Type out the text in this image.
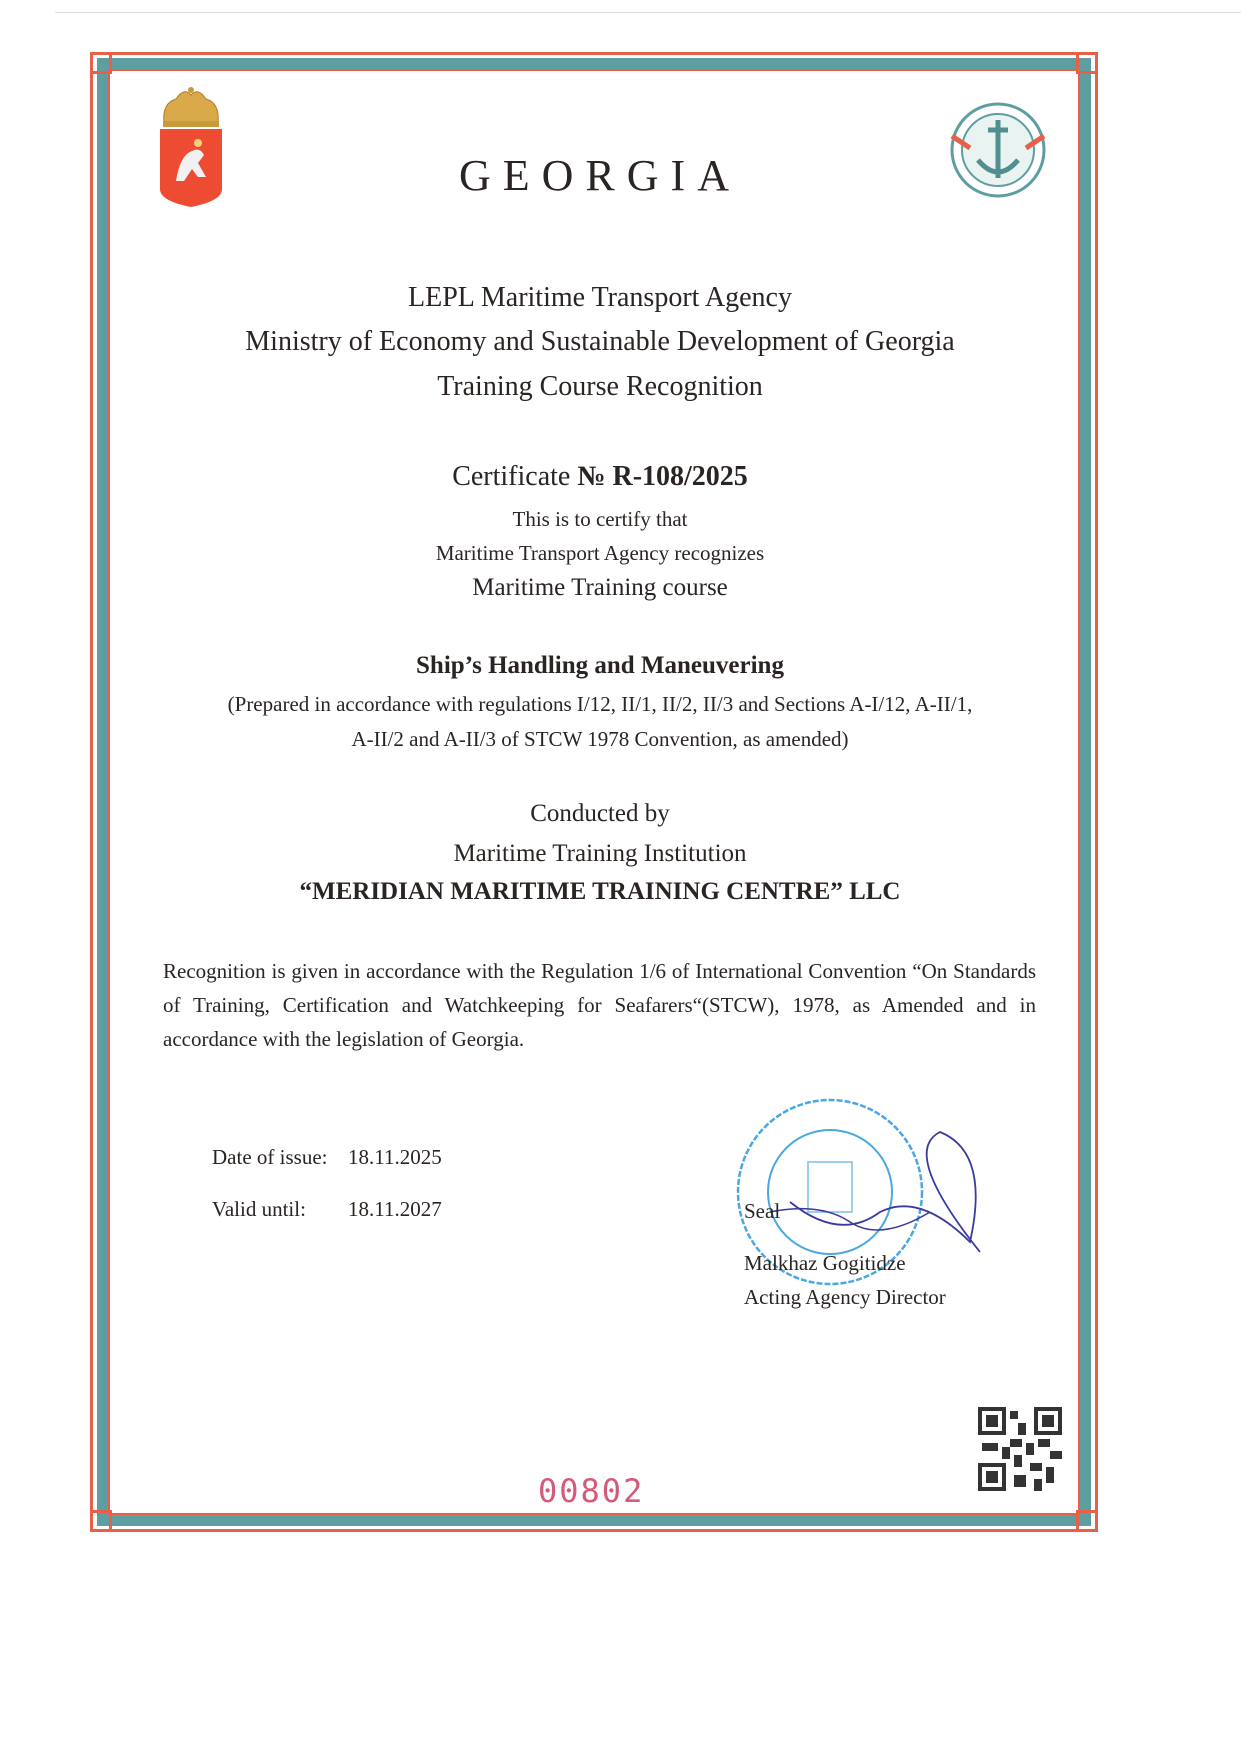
GEORGIA
LEPL Maritime Transport Agency
Ministry of Economy and Sustainable Development of Georgia
Training Course Recognition
Certificate № R-108/2025
This is to certify that
Maritime Transport Agency recognizes
Maritime Training course
Ship’s Handling and Maneuvering
(Prepared in accordance with regulations I/12, II/1, II/2, II/3 and Sections A-I/12, A-II/1,
A-II/2 and A-II/3 of STCW 1978 Convention, as amended)
Conducted by
Maritime Training Institution
“MERIDIAN MARITIME TRAINING CENTRE” LLC
Recognition is given in accordance with the Regulation 1/6 of International Convention “On Standards of Training, Certification and Watchkeeping for Seafarers“(STCW), 1978, as Amended and in accordance with the legislation of Georgia.
Date of issue: 18.11.2025
Valid until: 18.11.2027	Seal
Malkhaz Gogitidze
Acting Agency Director
00802
